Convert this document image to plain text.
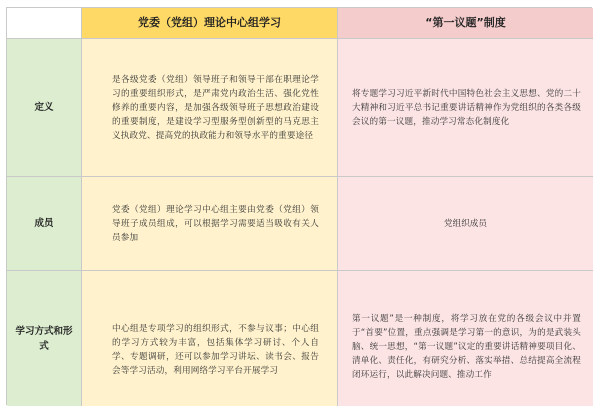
党委（党组）理论中心组学习	“第一议题”制度
定义
是各级党委（党组）领导班子和领导干部在职理论学习的重要组织形式，是严肃党内政治生活、强化党性修养的重要内容，是加强各级领导班子思想政治建设的重要制度，是建设学习型服务型创新型的马克思主义执政党、提高党的执政能力和领导水平的重要途径
将专题学习习近平新时代中国特色社会主义思想、党的二十大精神和习近平总书记重要讲话精神作为党组织的各类各级会议的第一议题，推动学习常态化制度化
成员
党委（党组）理论学习中心组主要由党委（党组）领导班子成员组成，可以根据学习需要适当吸收有关人员参加
党组织成员
学习方式和形式
中心组是专项学习的组织形式，不参与议事；中心组的学习方式较为丰富，包括集体学习研讨、个人自学、专题调研，还可以参加学习讲坛、读书会、报告会等学习活动，利用网络学习平台开展学习
第一议题”是一种制度，将学习放在党的各级会议中并置于“首要”位置，重点强调是学习第一的意识，为的是武装头脑、统一思想，“第一议题”议定的重要讲话精神要项目化、清单化、责任化，有研究分析、落实举措、总结提高全流程闭环运行，以此解决问题、推动工作
